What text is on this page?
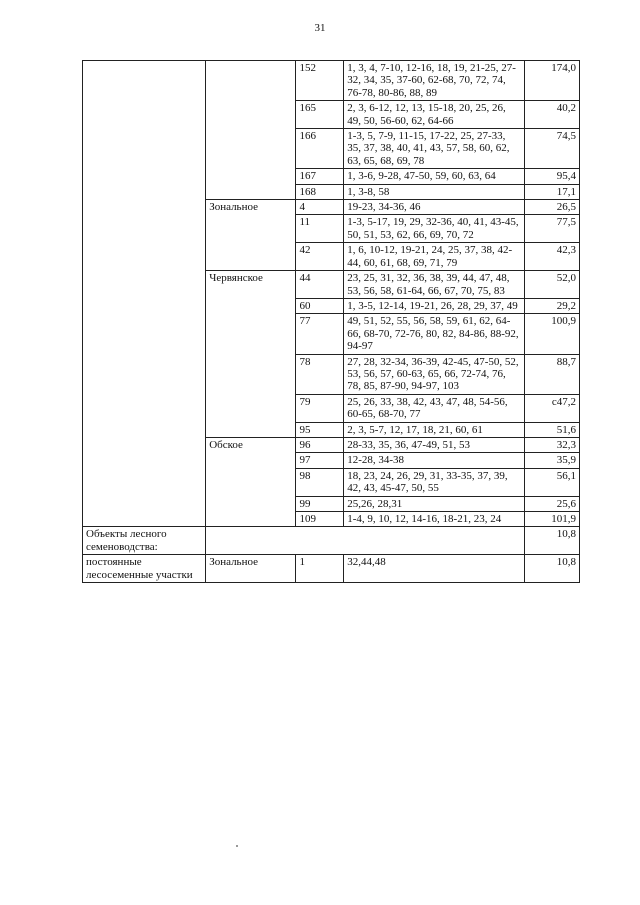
31
		152	1, 3, 4, 7-10, 12-16, 18, 19, 21-25, 27-32, 34, 35, 37-60, 62-68, 70, 72, 74, 76-78, 80-86, 88, 89	174,0
		165	2, 3, 6-12, 12, 13, 15-18, 20, 25, 26, 49, 50, 56-60, 62, 64-66	40,2
		166	1-3, 5, 7-9, 11-15, 17-22, 25, 27-33, 35, 37, 38, 40, 41, 43, 57, 58, 60, 62, 63, 65, 68, 69, 78	74,5
		167	1, 3-6, 9-28, 47-50, 59, 60, 63, 64	95,4
		168	1, 3-8, 58	17,1
	Зональное	4	19-23, 34-36, 46	26,5
		11	1-3, 5-17, 19, 29, 32-36, 40, 41, 43-45, 50, 51, 53, 62, 66, 69, 70, 72	77,5
		42	1, 6, 10-12, 19-21, 24, 25, 37, 38, 42-44, 60, 61, 68, 69, 71, 79	42,3
	Червянское	44	23, 25, 31, 32, 36, 38, 39, 44, 47, 48, 53, 56, 58, 61-64, 66, 67, 70, 75, 83	52,0
		60	1, 3-5, 12-14, 19-21, 26, 28, 29, 37, 49	29,2
		77	49, 51, 52, 55, 56, 58, 59, 61, 62, 64-66, 68-70, 72-76, 80, 82, 84-86, 88-92, 94-97	100,9
		78	27, 28, 32-34, 36-39, 42-45, 47-50, 52, 53, 56, 57, 60-63, 65, 66, 72-74, 76, 78, 85, 87-90, 94-97, 103	88,7
		79	25, 26, 33, 38, 42, 43, 47, 48, 54-56, 60-65, 68-70, 77	с47,2
		95	2, 3, 5-7, 12, 17, 18, 21, 60, 61	51,6
	Обское	96	28-33, 35, 36, 47-49, 51, 53	32,3
		97	12-28, 34-38	35,9
		98	18, 23, 24, 26, 29, 31, 33-35, 37, 39, 42, 43, 45-47, 50, 55	56,1
		99	25,26, 28,31	25,6
		109	1-4, 9, 10, 12, 14-16, 18-21, 23, 24	101,9
Объекты лесного семеноводства:				10,8
постоянные лесосеменные участки	Зональное	1	32,44,48	10,8
